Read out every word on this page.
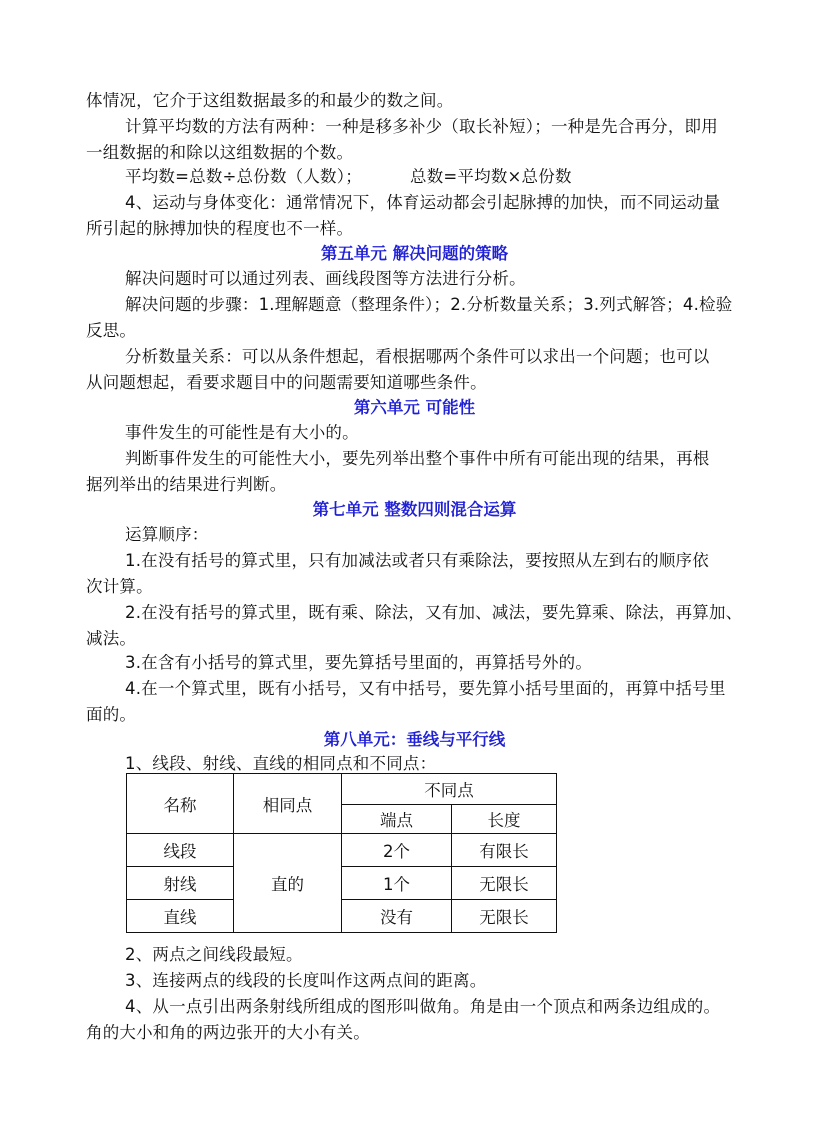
体情况，它介于这组数据最多的和最少的数之间。
计算平均数的方法有两种：一种是移多补少（取长补短）；一种是先合再分，即用
一组数据的和除以这组数据的个数。
平均数=总数÷总份数（人数）；	总数=平均数×总份数
4、运动与身体变化：通常情况下，体育运动都会引起脉搏的加快，而不同运动量
所引起的脉搏加快的程度也不一样。
第五单元 解决问题的策略
解决问题时可以通过列表、画线段图等方法进行分析。
解决问题的步骤：1.理解题意（整理条件）；2.分析数量关系；3.列式解答；4.检验
反思。
分析数量关系：可以从条件想起，看根据哪两个条件可以求出一个问题；也可以
从问题想起，看要求题目中的问题需要知道哪些条件。
第六单元 可能性
事件发生的可能性是有大小的。
判断事件发生的可能性大小，要先列举出整个事件中所有可能出现的结果，再根
据列举出的结果进行判断。
第七单元 整数四则混合运算
运算顺序：
1.在没有括号的算式里，只有加减法或者只有乘除法，要按照从左到右的顺序依
次计算。
2.在没有括号的算式里，既有乘、除法，又有加、减法，要先算乘、除法，再算加、
减法。
3.在含有小括号的算式里，要先算括号里面的，再算括号外的。
4.在一个算式里，既有小括号，又有中括号，要先算小括号里面的，再算中括号里
面的。
第八单元：垂线与平行线
1、线段、射线、直线的相同点和不同点：
名称	相同点	不同点	
		端点	长度
线段	直的	2个	有限长
射线		1个	无限长
直线		没有	无限长
2、两点之间线段最短。
3、连接两点的线段的长度叫作这两点间的距离。
4、从一点引出两条射线所组成的图形叫做角。角是由一个顶点和两条边组成的。
角的大小和角的两边张开的大小有关。
